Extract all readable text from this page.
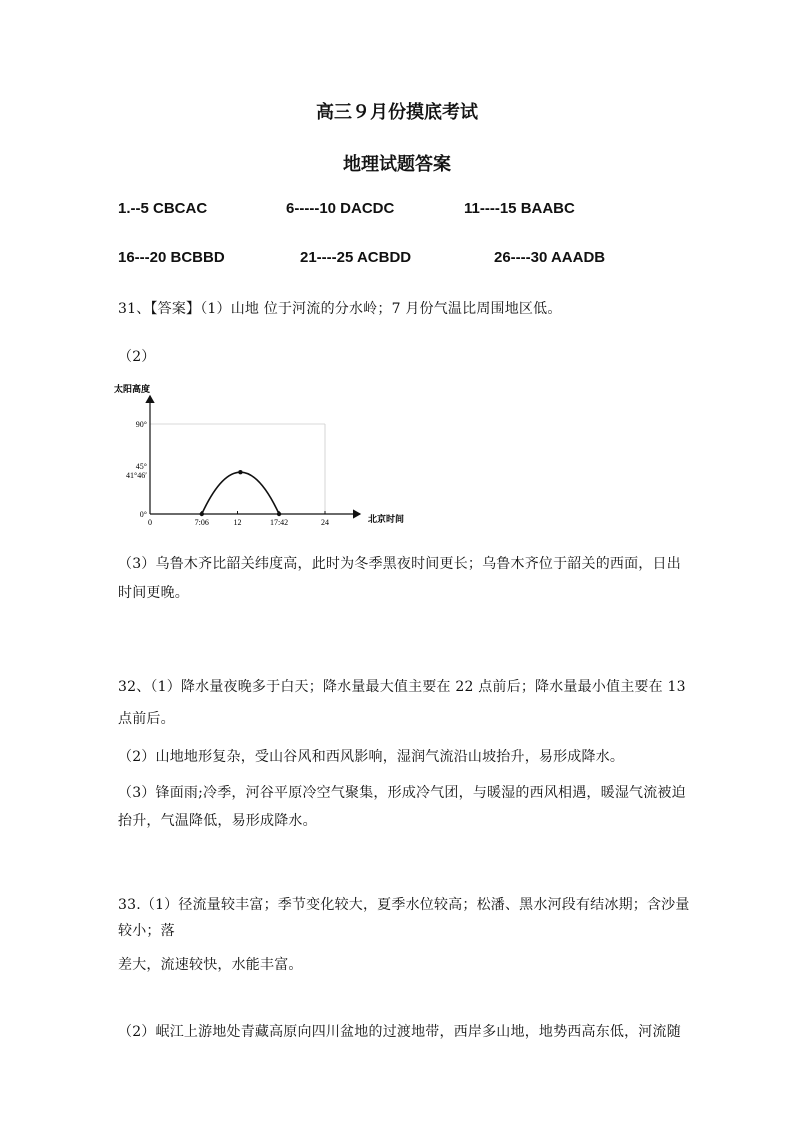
高三９月份摸底考试
地理试题答案
1.--5 CBCAC	6-----10 DACDC	11----15 BAABC
16---20 BCBBD	21----25 ACBDD	26----30 AAADB
31、【答案】（1）山地 位于河流的分水岭；7 月份气温比周围地区低。
（2）
太阳高度
北京时间
0	7:06	12	17:42	24
0°
41°46′
45°
90°
（3）乌鲁木齐比韶关纬度高，此时为冬季黑夜时间更长；乌鲁木齐位于韶关的西面，日出
时间更晚。
32、（1）降水量夜晚多于白天；降水量最大值主要在 22 点前后；降水量最小值主要在 13
点前后。
（2）山地地形复杂，受山谷风和西风影响，湿润气流沿山坡抬升，易形成降水。
（3）锋面雨;冷季，河谷平原冷空气聚集，形成冷气团，与暖湿的西风相遇，暖湿气流被迫
抬升，气温降低，易形成降水。
33.（1）径流量较丰富；季节变化较大，夏季水位较高；松潘、黑水河段有结冰期；含沙量
较小；落
差大，流速较快，水能丰富。
（2）岷江上游地处青藏高原向四川盆地的过渡地带，西岸多山地，地势西高东低，河流随
